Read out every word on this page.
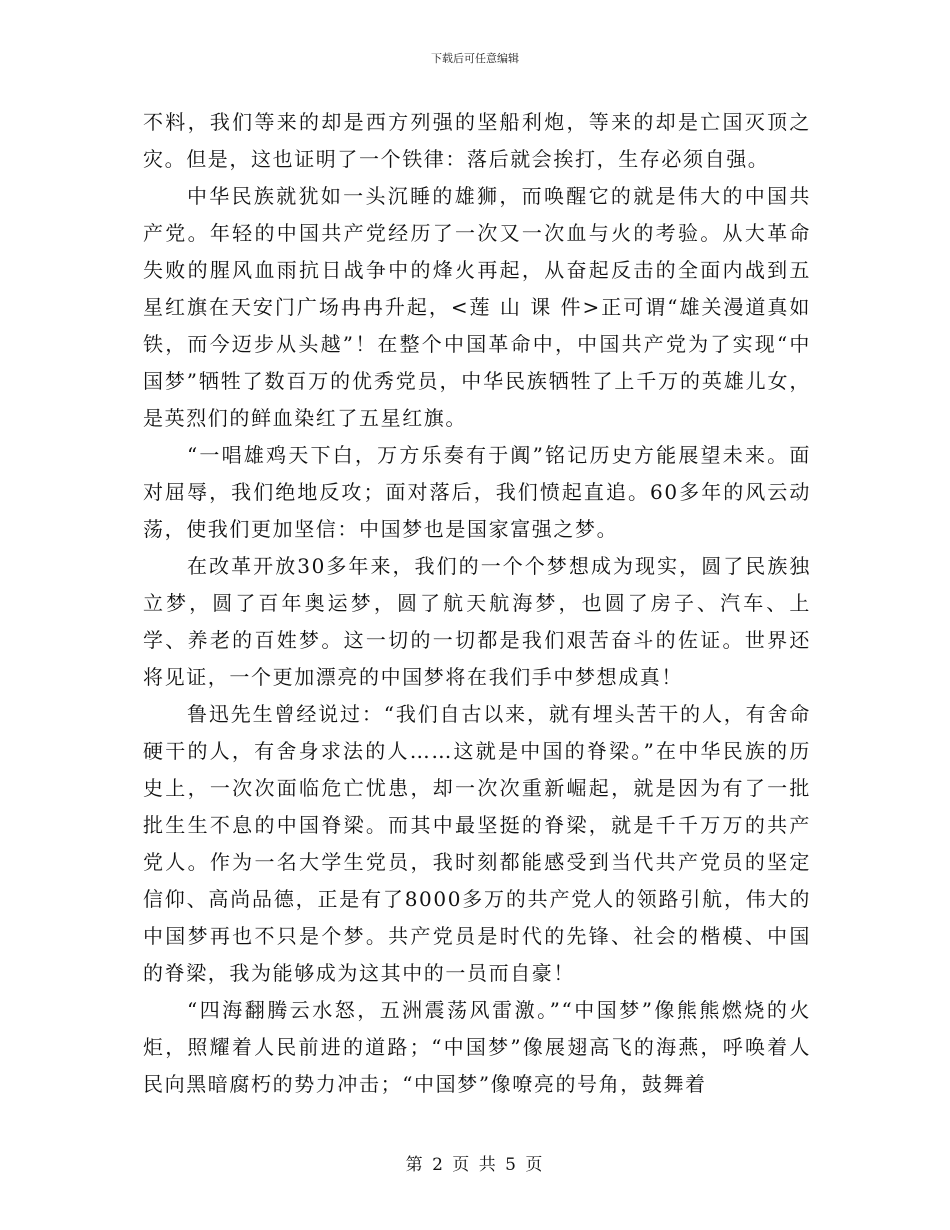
下载后可任意编辑

不料，我们等来的却是西方列强的坚船利炮，等来的却是亡国灭顶之灾。但是，这也证明了一个铁律：落后就会挨打，生存必须自强。

中华民族就犹如一头沉睡的雄狮，而唤醒它的就是伟大的中国共产党。年轻的中国共产党经历了一次又一次血与火的考验。从大革命失败的腥风血雨抗日战争中的烽火再起，从奋起反击的全面内战到五星红旗在天安门广场冉冉升起，<莲 山 课 件>正可谓“雄关漫道真如铁，而今迈步从头越”！在整个中国革命中，中国共产党为了实现“中国梦”牺牲了数百万的优秀党员，中华民族牺牲了上千万的英雄儿女，是英烈们的鲜血染红了五星红旗。

“一唱雄鸡天下白，万方乐奏有于阗”铭记历史方能展望未来。面对屈辱，我们绝地反攻；面对落后，我们愤起直追。60多年的风云动荡，使我们更加坚信：中国梦也是国家富强之梦。

在改革开放30多年来，我们的一个个梦想成为现实，圆了民族独立梦，圆了百年奥运梦，圆了航天航海梦，也圆了房子、汽车、上学、养老的百姓梦。这一切的一切都是我们艰苦奋斗的佐证。世界还将见证，一个更加漂亮的中国梦将在我们手中梦想成真！

鲁迅先生曾经说过：“我们自古以来，就有埋头苦干的人，有舍命硬干的人，有舍身求法的人……这就是中国的脊梁。”在中华民族的历史上，一次次面临危亡忧患，却一次次重新崛起，就是因为有了一批批生生不息的中国脊梁。而其中最坚挺的脊梁，就是千千万万的共产党人。作为一名大学生党员，我时刻都能感受到当代共产党员的坚定信仰、高尚品德，正是有了8000多万的共产党人的领路引航，伟大的中国梦再也不只是个梦。共产党员是时代的先锋、社会的楷模、中国的脊梁，我为能够成为这其中的一员而自豪！

“四海翻腾云水怒，五洲震荡风雷激。”“中国梦”像熊熊燃烧的火炬，照耀着人民前进的道路；“中国梦”像展翅高飞的海燕，呼唤着人民向黑暗腐朽的势力冲击；“中国梦”像嘹亮的号角，鼓舞着

第 2 页 共 5 页
